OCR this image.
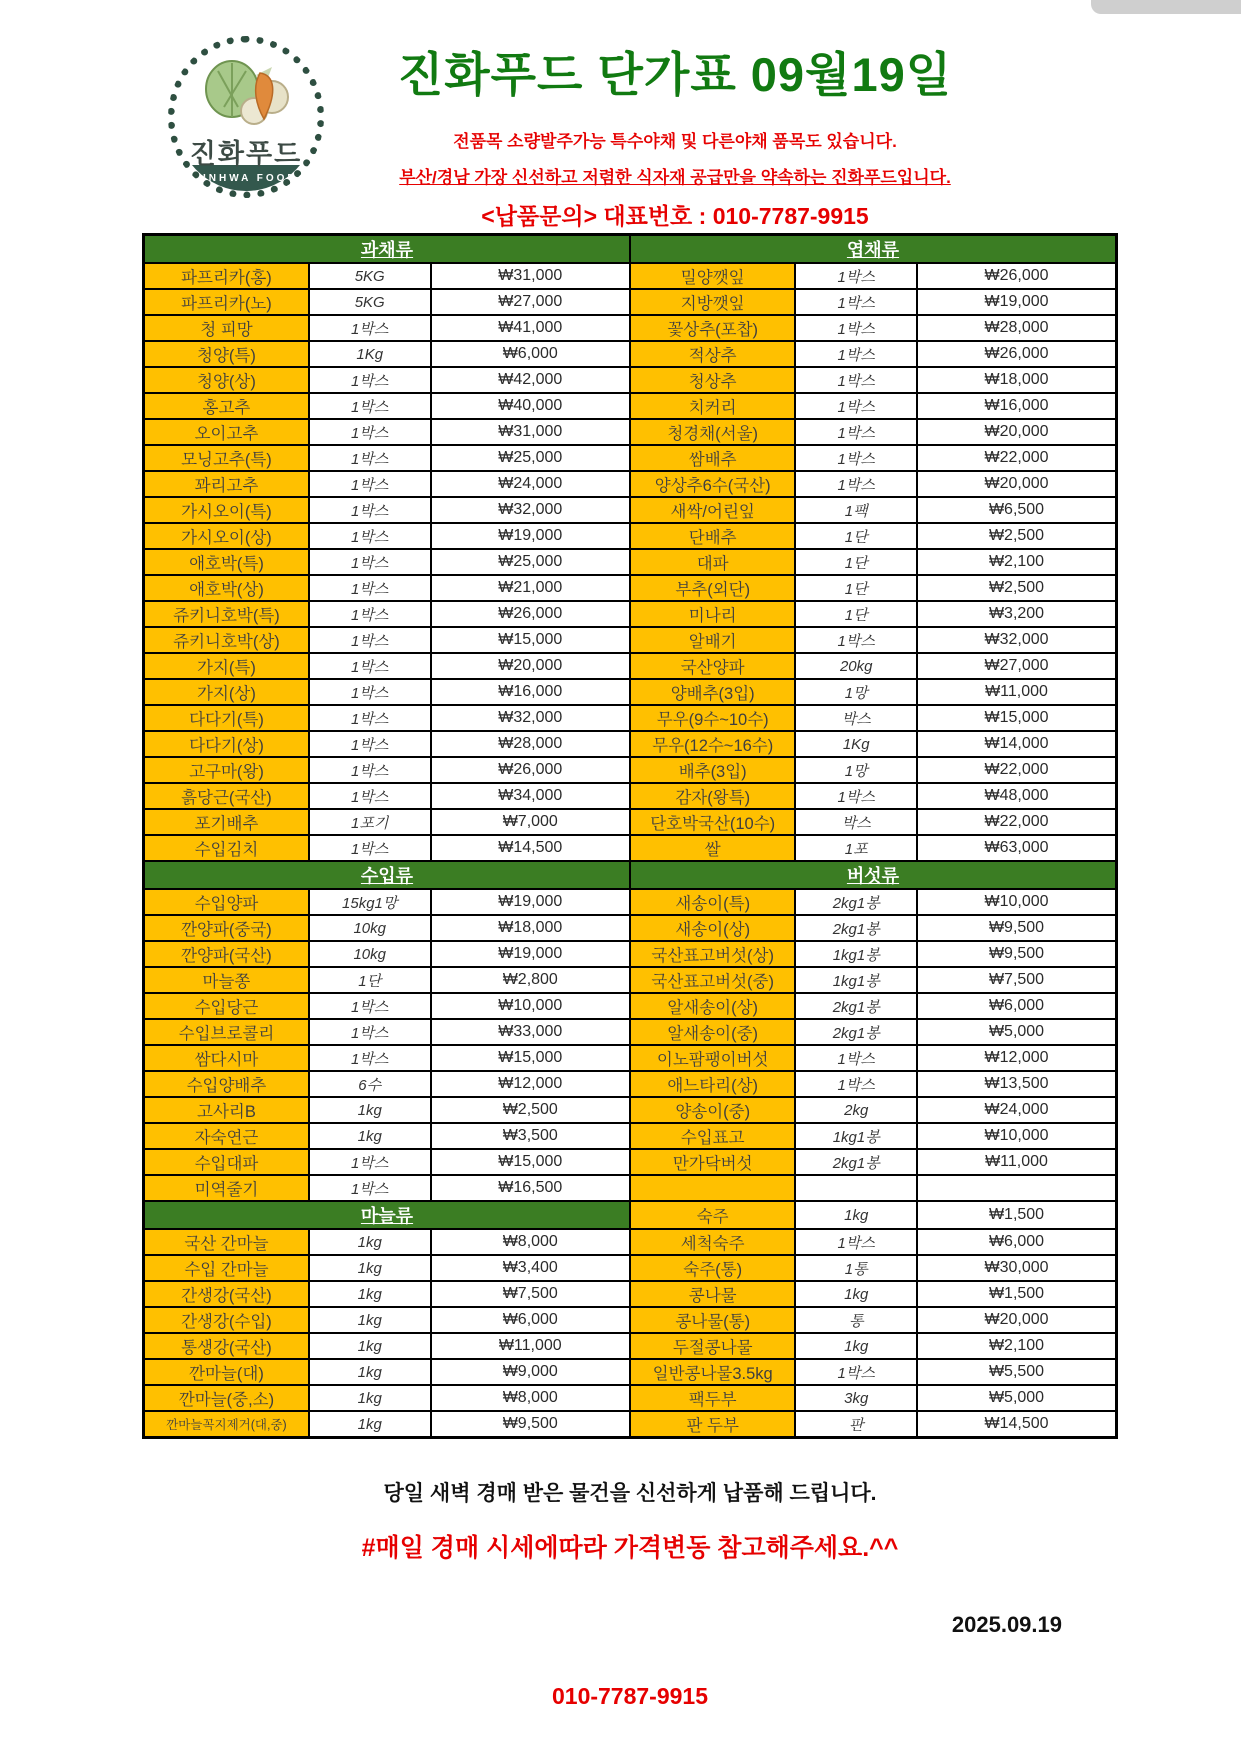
진화푸드
JINHWA FOOD
진화푸드 단가표 09월19일
전품목 소량발주가능 특수야채 및 다른야채 품목도 있습니다.
부산/경남 가장 신선하고 저렴한 식자재 공급만을 약속하는 진화푸드입니다.
<납품문의> 대표번호 : 010-7787-9915
과채류			엽채류		
파프리카(홍)	5KG	₩31,000	밀양깻잎	1박스	₩26,000
파프리카(노)	5KG	₩27,000	지방깻잎	1박스	₩19,000
청 피망	1박스	₩41,000	꽃상추(포찹)	1박스	₩28,000
청양(특)	1Kg	₩6,000	적상추	1박스	₩26,000
청양(상)	1박스	₩42,000	청상추	1박스	₩18,000
홍고추	1박스	₩40,000	치커리	1박스	₩16,000
오이고추	1박스	₩31,000	청경채(서울)	1박스	₩20,000
모닝고추(특)	1박스	₩25,000	쌈배추	1박스	₩22,000
꽈리고추	1박스	₩24,000	양상추6수(국산)	1박스	₩20,000
가시오이(특)	1박스	₩32,000	새싹/어린잎	1팩	₩6,500
가시오이(상)	1박스	₩19,000	단배추	1단	₩2,500
애호박(특)	1박스	₩25,000	대파	1단	₩2,100
애호박(상)	1박스	₩21,000	부추(외단)	1단	₩2,500
쥬키니호박(특)	1박스	₩26,000	미나리	1단	₩3,200
쥬키니호박(상)	1박스	₩15,000	알배기	1박스	₩32,000
가지(특)	1박스	₩20,000	국산양파	20kg	₩27,000
가지(상)	1박스	₩16,000	양배추(3입)	1망	₩11,000
다다기(특)	1박스	₩32,000	무우(9수~10수)	박스	₩15,000
다다기(상)	1박스	₩28,000	무우(12수~16수)	1Kg	₩14,000
고구마(왕)	1박스	₩26,000	배추(3입)	1망	₩22,000
흙당근(국산)	1박스	₩34,000	감자(왕특)	1박스	₩48,000
포기배추	1포기	₩7,000	단호박국산(10수)	박스	₩22,000
수입김치	1박스	₩14,500	쌀	1포	₩63,000
수입류			버섯류		
수입양파	15kg1망	₩19,000	새송이(특)	2kg1봉	₩10,000
깐양파(중국)	10kg	₩18,000	새송이(상)	2kg1봉	₩9,500
깐양파(국산)	10kg	₩19,000	국산표고버섯(상)	1kg1봉	₩9,500
마늘쫑	1단	₩2,800	국산표고버섯(중)	1kg1봉	₩7,500
수입당근	1박스	₩10,000	알새송이(상)	2kg1봉	₩6,000
수입브로콜리	1박스	₩33,000	알새송이(중)	2kg1봉	₩5,000
쌈다시마	1박스	₩15,000	이노팜팽이버섯	1박스	₩12,000
수입양배추	6수	₩12,000	애느타리(상)	1박스	₩13,500
고사리B	1kg	₩2,500	양송이(중)	2kg	₩24,000
자숙연근	1kg	₩3,500	수입표고	1kg1봉	₩10,000
수입대파	1박스	₩15,000	만가닥버섯	2kg1봉	₩11,000
미역줄기	1박스	₩16,500			
마늘류			숙주	1kg	₩1,500
국산 간마늘	1kg	₩8,000	세척숙주	1박스	₩6,000
수입 간마늘	1kg	₩3,400	숙주(통)	1통	₩30,000
간생강(국산)	1kg	₩7,500	콩나물	1kg	₩1,500
간생강(수입)	1kg	₩6,000	콩나물(통)	통	₩20,000
통생강(국산)	1kg	₩11,000	두절콩나물	1kg	₩2,100
깐마늘(대)	1kg	₩9,000	일반콩나물3.5kg	1박스	₩5,500
깐마늘(중,소)	1kg	₩8,000	팩두부	3kg	₩5,000
깐마늘꼭지제거(대,중)	1kg	₩9,500	판 두부	판	₩14,500
당일 새벽 경매 받은 물건을 신선하게 납품해 드립니다.
#매일 경매 시세에따라 가격변동 참고해주세요.^^
2025.09.19
010-7787-9915
